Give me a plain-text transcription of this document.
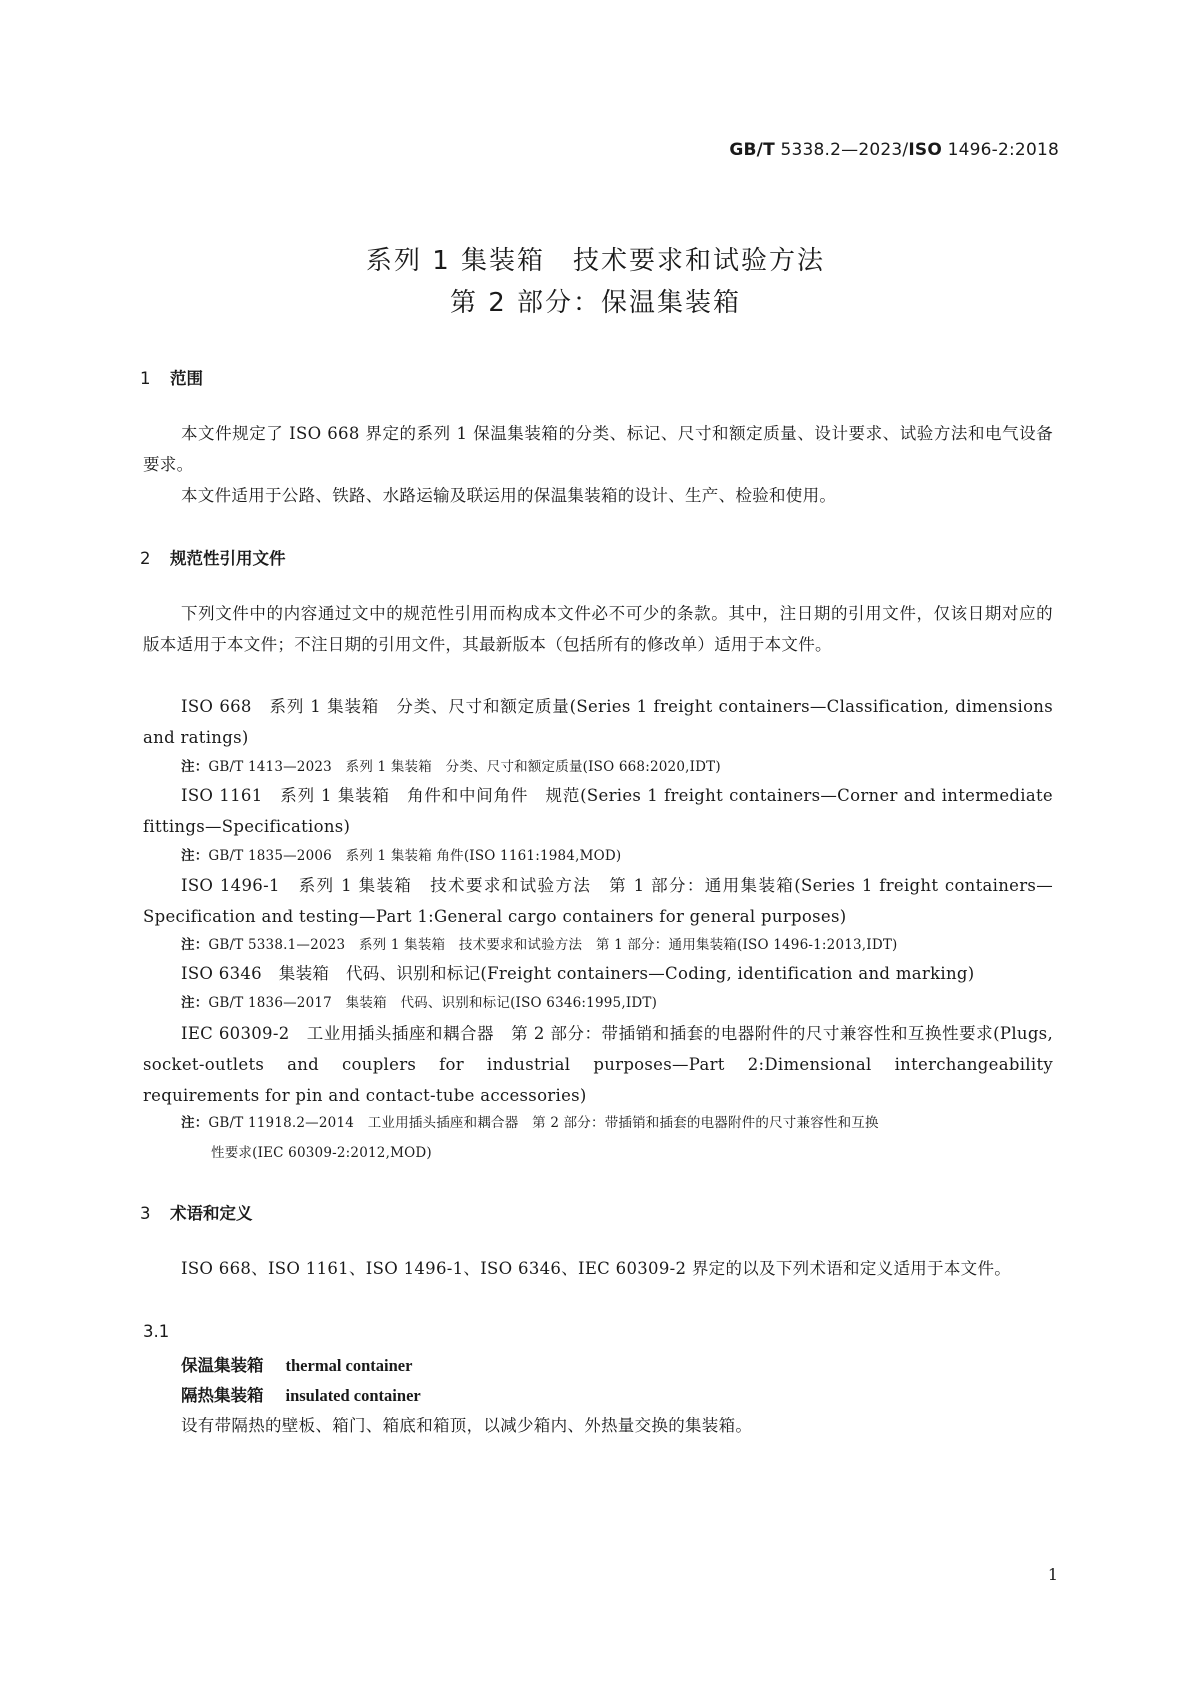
GB/T 5338.2—2023/ISO 1496-2:2018
系列 1 集装箱　技术要求和试验方法
第 2 部分：保温集装箱
1 范围
本文件规定了 ISO 668 界定的系列 1 保温集装箱的分类、标记、尺寸和额定质量、设计要求、试验方法和电气设备要求。
本文件适用于公路、铁路、水路运输及联运用的保温集装箱的设计、生产、检验和使用。
2 规范性引用文件
下列文件中的内容通过文中的规范性引用而构成本文件必不可少的条款。其中，注日期的引用文件，仅该日期对应的版本适用于本文件；不注日期的引用文件，其最新版本（包括所有的修改单）适用于本文件。
ISO 668　系列 1 集装箱　分类、尺寸和额定质量(Series 1 freight containers—Classification, dimensions and ratings)
注：GB/T 1413—2023　系列 1 集装箱　分类、尺寸和额定质量(ISO 668:2020,IDT)
ISO 1161　系列 1 集装箱　角件和中间角件　规范(Series 1 freight containers—Corner and intermediate fittings—Specifications)
注：GB/T 1835—2006　系列 1 集装箱 角件(ISO 1161:1984,MOD)
ISO 1496-1　系列 1 集装箱　技术要求和试验方法　第 1 部分：通用集装箱(Series 1 freight containers—Specification and testing—Part 1:General cargo containers for general purposes)
注：GB/T 5338.1—2023　系列 1 集装箱　技术要求和试验方法　第 1 部分：通用集装箱(ISO 1496-1:2013,IDT)
ISO 6346　集装箱　代码、识别和标记(Freight containers—Coding, identification and marking)
注：GB/T 1836—2017　集装箱　代码、识别和标记(ISO 6346:1995,IDT)
IEC 60309-2　工业用插头插座和耦合器　第 2 部分：带插销和插套的电器附件的尺寸兼容性和互换性要求(Plugs, socket-outlets and couplers for industrial purposes—Part 2:Dimensional interchangeability requirements for pin and contact-tube accessories)
注：GB/T 11918.2—2014　工业用插头插座和耦合器　第 2 部分：带插销和插套的电器附件的尺寸兼容性和互换
性要求(IEC 60309-2:2012,MOD)
3 术语和定义
ISO 668、ISO 1161、ISO 1496-1、ISO 6346、IEC 60309-2 界定的以及下列术语和定义适用于本文件。
3.1
保温集装箱 thermal container
隔热集装箱 insulated container
设有带隔热的壁板、箱门、箱底和箱顶，以减少箱内、外热量交换的集装箱。
1
